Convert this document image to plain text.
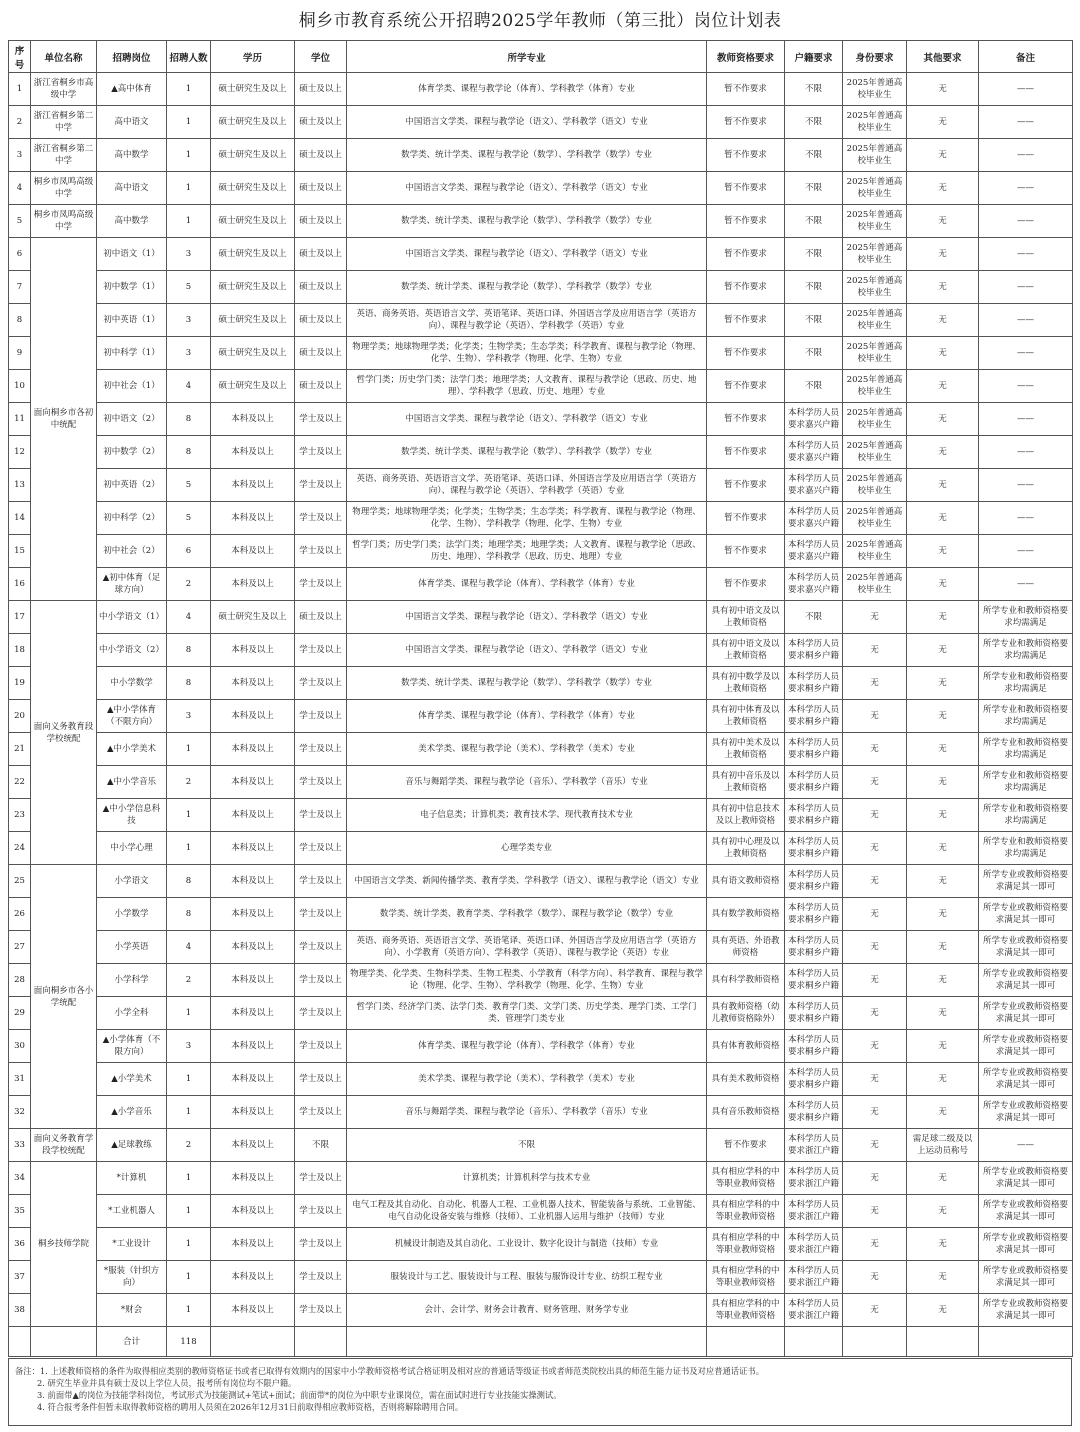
桐乡市教育系统公开招聘2025学年教师（第三批）岗位计划表
序号	单位名称	招聘岗位	招聘人数	学历	学位	所学专业	教师资格要求	户籍要求	身份要求	其他要求	备注
1	浙江省桐乡市高级中学	▲高中体育	1	硕士研究生及以上	硕士及以上	体育学类、课程与教学论（体育）、学科教学（体育）专业	暂不作要求	不限	2025年普通高校毕业生	无	——
2	浙江省桐乡第二中学	高中语文	1	硕士研究生及以上	硕士及以上	中国语言文学类、课程与教学论（语文）、学科教学（语文）专业	暂不作要求	不限	2025年普通高校毕业生	无	——
3	浙江省桐乡第二中学	高中数学	1	硕士研究生及以上	硕士及以上	数学类、统计学类、课程与教学论（数学）、学科教学（数学）专业	暂不作要求	不限	2025年普通高校毕业生	无	——
4	桐乡市凤鸣高级中学	高中语文	1	硕士研究生及以上	硕士及以上	中国语言文学类、课程与教学论（语文）、学科教学（语文）专业	暂不作要求	不限	2025年普通高校毕业生	无	——
5	桐乡市凤鸣高级中学	高中数学	1	硕士研究生及以上	硕士及以上	数学类、统计学类、课程与教学论（数学）、学科教学（数学）专业	暂不作要求	不限	2025年普通高校毕业生	无	——
6	面向桐乡市各初中统配	初中语文（1）	3	硕士研究生及以上	硕士及以上	中国语言文学类、课程与教学论（语文）、学科教学（语文）专业	暂不作要求	不限	2025年普通高校毕业生	无	——
7		初中数学（1）	5	硕士研究生及以上	硕士及以上	数学类、统计学类、课程与教学论（数学）、学科教学（数学）专业	暂不作要求	不限	2025年普通高校毕业生	无	——
8		初中英语（1）	3	硕士研究生及以上	硕士及以上	英语、商务英语、英语语言文学、英语笔译、英语口译、外国语言学及应用语言学（英语方向）、课程与教学论（英语）、学科教学（英语）专业	暂不作要求	不限	2025年普通高校毕业生	无	——
9		初中科学（1）	3	硕士研究生及以上	硕士及以上	物理学类；地球物理学类；化学类；生物学类；生态学类；科学教育、课程与教学论（物理、化学、生物）、学科教学（物理、化学、生物）专业	暂不作要求	不限	2025年普通高校毕业生	无	——
10		初中社会（1）	4	硕士研究生及以上	硕士及以上	哲学门类；历史学门类；法学门类；地理学类；人文教育、课程与教学论（思政、历史、地理）、学科教学（思政、历史、地理）专业	暂不作要求	不限	2025年普通高校毕业生	无	——
11		初中语文（2）	8	本科及以上	学士及以上	中国语言文学类、课程与教学论（语文）、学科教学（语文）专业	暂不作要求	本科学历人员要求嘉兴户籍	2025年普通高校毕业生	无	——
12		初中数学（2）	8	本科及以上	学士及以上	数学类、统计学类、课程与教学论（数学）、学科教学（数学）专业	暂不作要求	本科学历人员要求嘉兴户籍	2025年普通高校毕业生	无	——
13		初中英语（2）	5	本科及以上	学士及以上	英语、商务英语、英语语言文学、英语笔译、英语口译、外国语言学及应用语言学（英语方向）、课程与教学论（英语）、学科教学（英语）专业	暂不作要求	本科学历人员要求嘉兴户籍	2025年普通高校毕业生	无	——
14		初中科学（2）	5	本科及以上	学士及以上	物理学类；地球物理学类；化学类；生物学类；生态学类；科学教育、课程与教学论（物理、化学、生物）、学科教学（物理、化学、生物）专业	暂不作要求	本科学历人员要求嘉兴户籍	2025年普通高校毕业生	无	——
15		初中社会（2）	6	本科及以上	学士及以上	哲学门类；历史学门类；法学门类；地理学类；地理学类；人文教育、课程与教学论（思政、历史、地理）、学科教学（思政、历史、地理）专业	暂不作要求	本科学历人员要求嘉兴户籍	2025年普通高校毕业生	无	——
16		▲初中体育（足球方向）	2	本科及以上	学士及以上	体育学类、课程与教学论（体育）、学科教学（体育）专业	暂不作要求	本科学历人员要求嘉兴户籍	2025年普通高校毕业生	无	——
17	面向义务教育段学校统配	中小学语文（1）	4	硕士研究生及以上	硕士及以上	中国语言文学类、课程与教学论（语文）、学科教学（语文）专业	具有初中语文及以上教师资格	不限	无	无	所学专业和教师资格要求均需满足
18		中小学语文（2）	8	本科及以上	学士及以上	中国语言文学类、课程与教学论（语文）、学科教学（语文）专业	具有初中语文及以上教师资格	本科学历人员要求桐乡户籍	无	无	所学专业和教师资格要求均需满足
19		中小学数学	8	本科及以上	学士及以上	数学类、统计学类、课程与教学论（数学）、学科教学（数学）专业	具有初中数学及以上教师资格	本科学历人员要求桐乡户籍	无	无	所学专业和教师资格要求均需满足
20		▲中小学体育（不限方向）	3	本科及以上	学士及以上	体育学类、课程与教学论（体育）、学科教学（体育）专业	具有初中体育及以上教师资格	本科学历人员要求桐乡户籍	无	无	所学专业和教师资格要求均需满足
21		▲中小学美术	1	本科及以上	学士及以上	美术学类、课程与教学论（美术）、学科教学（美术）专业	具有初中美术及以上教师资格	本科学历人员要求桐乡户籍	无	无	所学专业和教师资格要求均需满足
22		▲中小学音乐	2	本科及以上	学士及以上	音乐与舞蹈学类、课程与教学论（音乐）、学科教学（音乐）专业	具有初中音乐及以上教师资格	本科学历人员要求桐乡户籍	无	无	所学专业和教师资格要求均需满足
23		▲中小学信息科技	1	本科及以上	学士及以上	电子信息类；计算机类；教育技术学、现代教育技术专业	具有初中信息技术及以上教师资格	本科学历人员要求桐乡户籍	无	无	所学专业和教师资格要求均需满足
24		中小学心理	1	本科及以上	学士及以上	心理学类专业	具有初中心理及以上教师资格	本科学历人员要求桐乡户籍	无	无	所学专业和教师资格要求均需满足
25	面向桐乡市各小学统配	小学语文	8	本科及以上	学士及以上	中国语言文学类、新闻传播学类、教育学类、学科教学（语文）、课程与教学论（语文）专业	具有语文教师资格	本科学历人员要求桐乡户籍	无	无	所学专业或教师资格要求满足其一即可
26		小学数学	8	本科及以上	学士及以上	数学类、统计学类、教育学类、学科教学（数学）、课程与教学论（数学）专业	具有数学教师资格	本科学历人员要求桐乡户籍	无	无	所学专业或教师资格要求满足其一即可
27		小学英语	4	本科及以上	学士及以上	英语、商务英语、英语语言文学、英语笔译、英语口译、外国语言学及应用语言学（英语方向）、小学教育（英语方向）、学科教学（英语）、课程与教学论（英语）专业	具有英语、外语教师资格	本科学历人员要求桐乡户籍	无	无	所学专业或教师资格要求满足其一即可
28		小学科学	2	本科及以上	学士及以上	物理学类、化学类、生物科学类、生物工程类、小学教育（科学方向）、科学教育、课程与教学论（物理、化学、生物）、学科教学（物理、化学、生物）专业	具有科学教师资格	本科学历人员要求桐乡户籍	无	无	所学专业或教师资格要求满足其一即可
29		小学全科	1	本科及以上	学士及以上	哲学门类、经济学门类、法学门类、教育学门类、文学门类、历史学类、理学门类、工学门类、管理学门类专业	具有教师资格（幼儿教师资格除外）	本科学历人员要求桐乡户籍	无	无	所学专业或教师资格要求满足其一即可
30		▲小学体育（不限方向）	3	本科及以上	学士及以上	体育学类、课程与教学论（体育）、学科教学（体育）专业	具有体育教师资格	本科学历人员要求桐乡户籍	无	无	所学专业或教师资格要求满足其一即可
31		▲小学美术	1	本科及以上	学士及以上	美术学类、课程与教学论（美术）、学科教学（美术）专业	具有美术教师资格	本科学历人员要求桐乡户籍	无	无	所学专业或教师资格要求满足其一即可
32		▲小学音乐	1	本科及以上	学士及以上	音乐与舞蹈学类、课程与教学论（音乐）、学科教学（音乐）专业	具有音乐教师资格	本科学历人员要求桐乡户籍	无	无	所学专业或教师资格要求满足其一即可
33	面向义务教育学段学校统配	▲足球教练	2	本科及以上	不限	不限	暂不作要求	本科学历人员要求浙江户籍	无	需足球二级及以上运动员称号	——
34	桐乡技师学院	*计算机	1	本科及以上	学士及以上	计算机类；计算机科学与技术专业	具有相应学科的中等职业教师资格	本科学历人员要求浙江户籍	无	无	所学专业或教师资格要求满足其一即可
35		*工业机器人	1	本科及以上	学士及以上	电气工程及其自动化、自动化、机器人工程、工业机器人技术、智能装备与系统、工业智能、电气自动化设备安装与维修（技师）、工业机器人运用与维护（技师）专业	具有相应学科的中等职业教师资格	本科学历人员要求浙江户籍	无	无	所学专业或教师资格要求满足其一即可
36		*工业设计	1	本科及以上	学士及以上	机械设计制造及其自动化、工业设计、数字化设计与制造（技师）专业	具有相应学科的中等职业教师资格	本科学历人员要求浙江户籍	无	无	所学专业或教师资格要求满足其一即可
37		*服装（针织方向）	1	本科及以上	学士及以上	服装设计与工艺、服装设计与工程、服装与服饰设计专业、纺织工程专业	具有相应学科的中等职业教师资格	本科学历人员要求浙江户籍	无	无	所学专业或教师资格要求满足其一即可
38		*财会	1	本科及以上	学士及以上	会计、会计学、财务会计教育、财务管理、财务学专业	具有相应学科的中等职业教师资格	本科学历人员要求浙江户籍	无	无	所学专业或教师资格要求满足其一即可
		合计	118								
备注：1. 上述教师资格的条件为取得相应类别的教师资格证书或者已取得有效期内的国家中小学教师资格考试合格证明及相对应的普通话等级证书或者师范类院校出具的师范生能力证书及对应普通话证书。
2. 研究生毕业并具有硕士及以上学位人员，报考所有岗位均不限户籍。
3. 前面带▲的岗位为技能学科岗位，考试形式为技能测试+笔试+面试；前面带*的岗位为中职专业课岗位，需在面试时进行专业技能实操测试。
4. 符合报考条件但暂未取得教师资格的聘用人员须在2026年12月31日前取得相应教师资格，否则将解除聘用合同。
